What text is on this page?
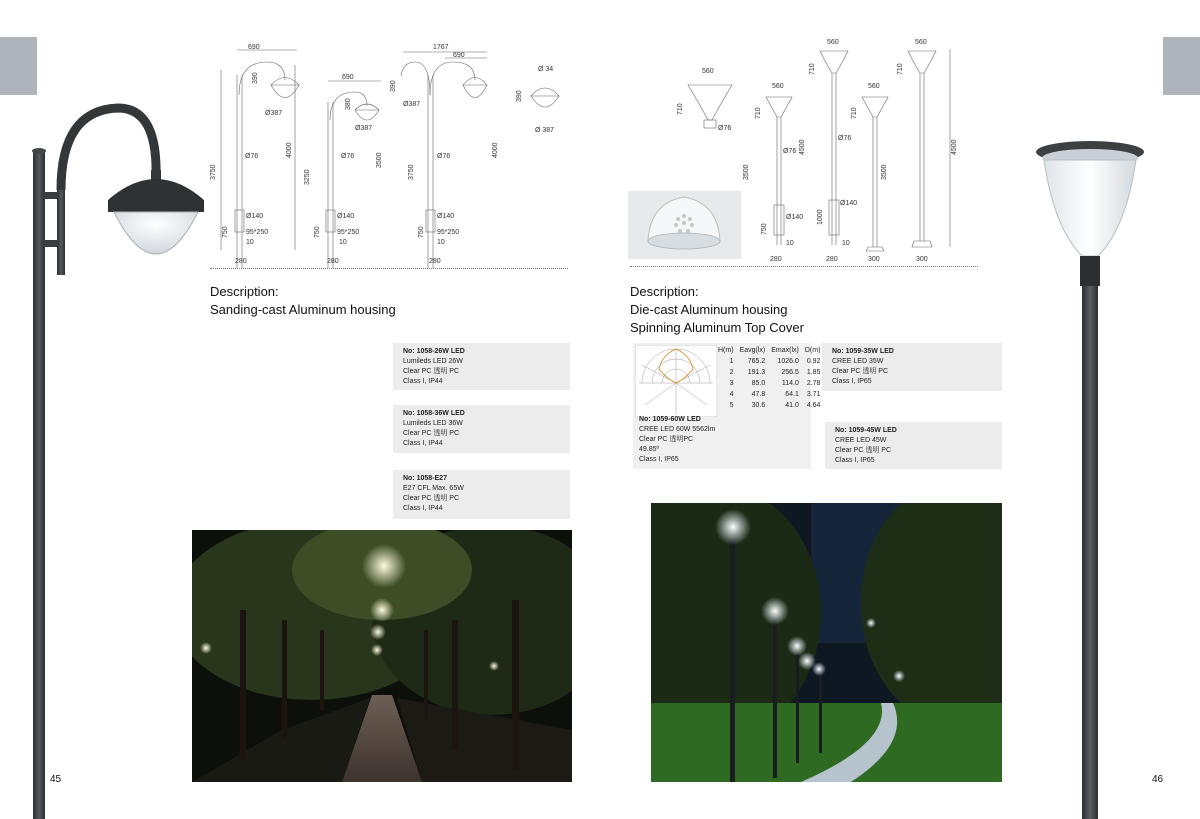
45	46
690
390
Ø387
Ø76
Ø140
95*250
10
3750
4000
750
280
690
380
Ø387
Ø76
Ø140
95*250
10
3250
3500
750
280
1767
690
390
Ø387
Ø76
Ø140
95*250
10
3750
4000
750
280
Ø 34
390
Ø 387
560
710
Ø76
560
710
Ø76
Ø140
3500
750
10
280
560
710
Ø76
Ø140
4500
1000
10
280
560
710
3500
300
560
710
4500
300
Description:
Sanding-cast Aluminum housing
Description:
Die-cast Aluminum housing
Spinning Aluminum Top Cover
No: 1058-26W LED
Lumileds LED 26W
Clear PC 透明 PC
Class I, IP44
No: 1058-36W LED
Lumileds LED 36W
Clear PC 透明 PC
Class I, IP44
No: 1058-E27
E27 CFL Max. 65W
Clear PC 透明 PC
Class I, IP44
H(m)	Eavg(lx)	Emax(lx)	D(m)
1	765.2	1026.0	0.92
2	191.3	256.5	1.85
3	85.0	114.0	2.78
4	47.8	64.1	3.71
5	30.6	41.0	4.64
No: 1059-60W LED
CREE LED 60W 5562lm
Clear PC 透明PC
49.85º
Class I, IP65
No: 1059-35W LED
CREE LED 35W
Clear PC 透明 PC
Class I, IP65
No: 1059-45W LED
CREE LED 45W
Clear PC 透明 PC
Class I, IP65
